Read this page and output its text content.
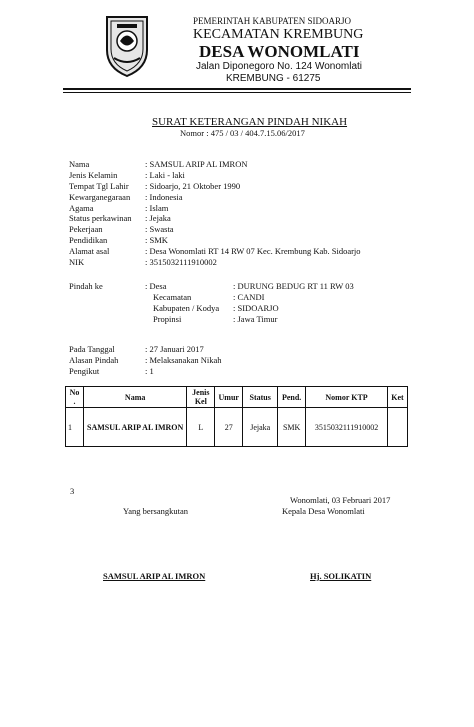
PEMERINTAH KABUPATEN SIDOARJO
KECAMATAN KREMBUNG
DESA WONOMLATI
Jalan Diponegoro No. 124 Wonomlati
KREMBUNG - 61275
SURAT KETERANGAN PINDAH NIKAH
Nomor : 475 / 03 / 404.7.15.06/2017
Nama	: SAMSUL ARIP AL IMRON
Jenis Kelamin	: Laki - laki
Tempat Tgl Lahir : Sidoarjo, 21 Oktober 1990
Kewarganegaraan : Indonesia
Agama	: Islam
Status perkawinan : Jejaka
Pekerjaan	: Swasta
Pendidikan	: SMK
Alamat asal	: Desa Wonomlati RT 14 RW 07 Kec. Krembung Kab. Sidoarjo
NIK	: 3515032111910002
Pindah ke	: Desa	: DURUNG BEDUG RT 11 RW 03
Kecamatan	: CANDI
Kabupaten / Kodya : SIDOARJO
Propinsi	: Jawa Timur
Pada Tanggal	: 27 Januari 2017
Alasan Pindah	: Melaksanakan Nikah
Pengikut	: 1
No .	Nama	Jenis Kel	Umur	Status	Pend.	Nomor KTP	Ket
1	SAMSUL ARIP AL IMRON	L	27	Jejaka	SMK	3515032111910002	
3
Wonomlati, 03 Februari 2017
Yang bersangkutan	Kepala Desa Wonomlati
SAMSUL ARIP AL IMRON	Hj. SOLIKATIN
